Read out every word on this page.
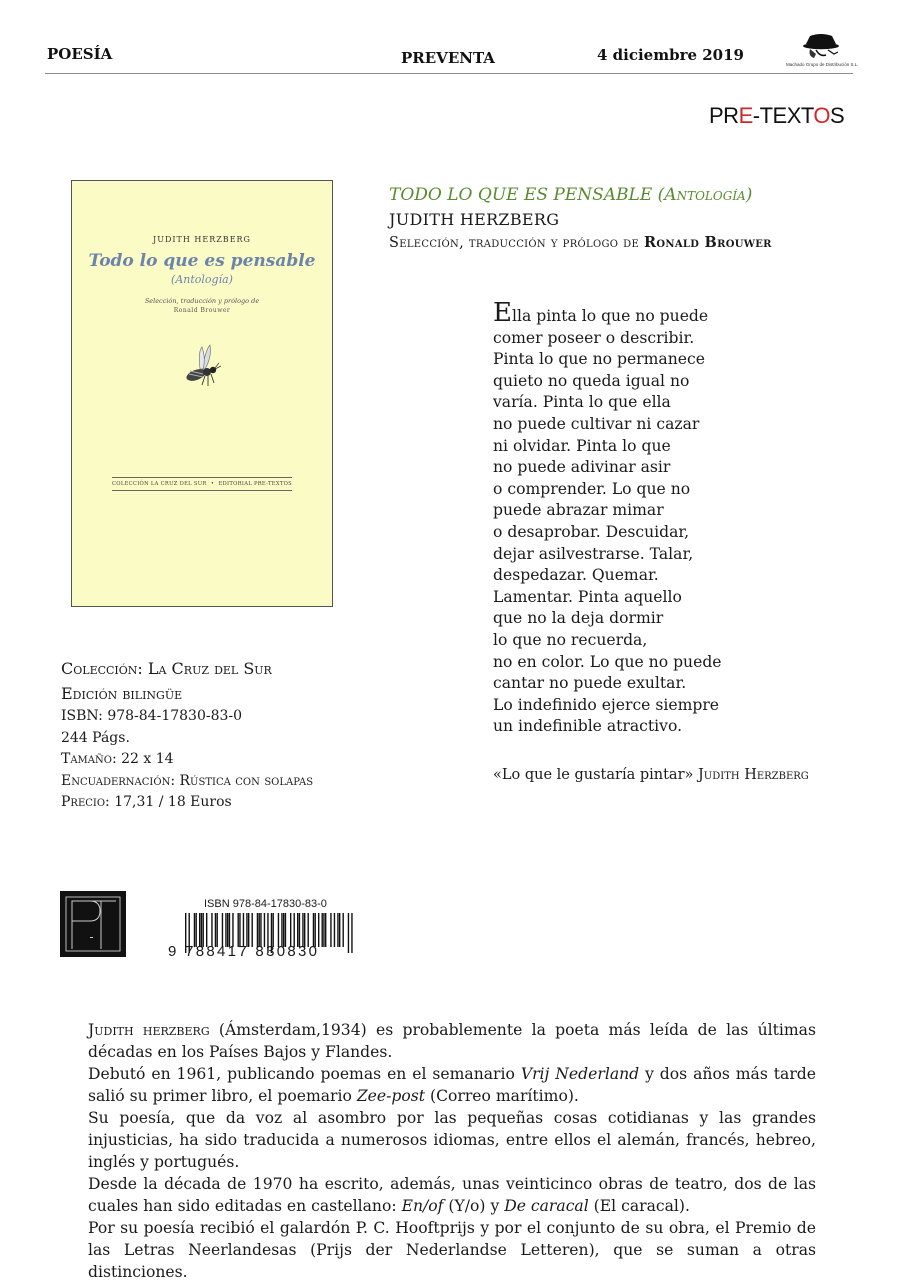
POESÍA	PREVENTA	4 diciembre 2019
Machado Grupo de Distribución S.L.
PRE-TEXTOS
JUDITH HERZBERG
Todo lo que es pensable
(Antología)
Selección, traducción y prólogo de
Ronald Brouwer
COLECCIÓN LA CRUZ DEL SUR • EDITORIAL PRE-TEXTOS
TODO LO QUE ES PENSABLE (Antología)
JUDITH HERZBERG
Selección, traducción y prólogo de Ronald Brouwer
Ella pinta lo que no puede
comer poseer o describir.
Pinta lo que no permanece
quieto no queda igual no
varía. Pinta lo que ella
no puede cultivar ni cazar
ni olvidar. Pinta lo que
no puede adivinar asir
o comprender. Lo que no
puede abrazar mimar
o desaprobar. Descuidar,
dejar asilvestrarse. Talar,
despedazar. Quemar.
Lamentar. Pinta aquello
que no la deja dormir
lo que no recuerda,
no en color. Lo que no puede
cantar no puede exultar.
Lo indefinido ejerce siempre
un indefinible atractivo.
«Lo que le gustaría pintar» Judith Herzberg
Colección: La Cruz del Sur
Edición bilingüe
ISBN: 978-84-17830-83-0
244 Págs.
Tamaño: 22 x 14
Encuadernación: Rústica con solapas
Precio: 17,31 / 18 Euros
ISBN 978-84-17830-83-0
9 788417 830830

Judith herzberg (Ámsterdam,1934) es probablemente la poeta más leída de las últimas décadas en los Países Bajos y Flandes.

Debutó en 1961, publicando poemas en el semanario Vrij Nederland y dos años más tarde salió su primer libro, el poemario Zee-post (Correo marítimo).

Su poesía, que da voz al asombro por las pequeñas cosas cotidianas y las grandes injusticias, ha sido traducida a numerosos idiomas, entre ellos el alemán, francés, hebreo, inglés y portugués.

Desde la década de 1970 ha escrito, además, unas veinticinco obras de teatro, dos de las cuales han sido editadas en castellano: En/of (Y/o) y De caracal (El caracal).

Por su poesía recibió el galardón P. C. Hooftprijs y por el conjunto de su obra, el Premio de las Letras Neerlandesas (Prijs der Nederlandse Letteren), que se suman a otras distinciones.
